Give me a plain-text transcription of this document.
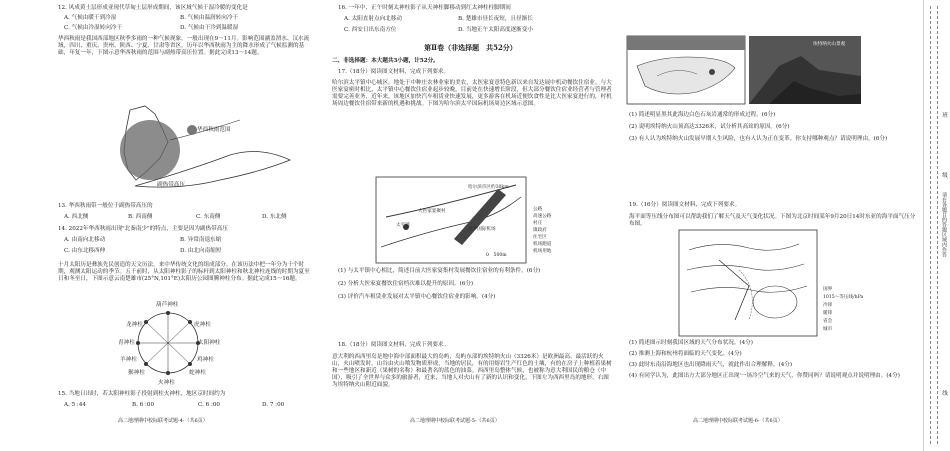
12. 风成黄土层形成亚现代草甸土层形成期间，该区域气候干湿冷暖的变化是
A. 气候由暖干到冷湿	B. 气候由温润转向冷干
C. 气候由冷湿转向冷干	D. 气候由干冷到温暖湿
华西秋雨是我国西部地区秋季多雨的一种气候现象，一般出现在9～11月。影响范围涵盖渭水、汉水流域，四川、重庆、贵州、陕西、宁夏、甘肃等省区。历年以华西秋雨为主的降水形成了气候监测的基础，年复一年，下图示意华西秋雨的范围与副热带高压位置。据此完成13～14题。
华西秋雨范围
副热带高压
13. 华西秋雨带一般位于副热带高压的
A. 西北侧	B. 西南侧	C. 东南侧	D. 东北侧
14. 2022年华西秋雨出现"北秦南少"的特点，主要是因为副热带高压
A. 由南向北移动	B. 异常南退东缩
C. 由东北移西伸	D. 由北向南缩短
十月太阳历是彝族先民创造的天文历法，来中华传统文化的组成部分。在该历法中把一年分为十个时期，观测太阳运动的季节。五千前时，从太阳神柱影子的标杆到太阳神柱和秋北神柱连线的时期为夏至日和冬至日，下图示意云南楚雄市(25°N,101°E)太阳历公园图腾神柱分布。据此完成15～16题。
葫芦神柱
龙神柱	虎神柱
青神柱	太阳神柱
羊神柱	鸡神柱
猴神柱	蛇神柱
火神柱
15. 当地日出时，若太阳神柱影子投射到柱火神柱，地区京时间约为
A. 5 :44	B. 6 :00	C. 6 :00	D. 7 :00
高二地理期中校际联考试题-4-（共6页）
16. 一年中，正午时刻太神柱影子从天神柱脚移动到红太神柱柱脚期间
A. 太阳直射点向北移动	B. 楚雄市昼长夜短，且昼渐长
C. 西安日出东南方位	D. 当地正午太阳高度逐渐变小
第Ⅱ卷（非选择题　共52分）
二、非选择题：本大题共3小题，计52分。
17.（18分）阅读图文材料，完成下列要求。
哈尔滨太平镇中心城区，地处于中种庄农林业家的美农，太医家宴意特色新以来自发达展中机动餐饮住宿业。与大医家宴密时相比，太平镇中心餐饮住宿业起步较晚，目前处在快速增长阶段，但大部分餐饮住宿业经营者与管理者需要完善业务，近年来，该地区加快汽车租赁业快速发展，更多游客在机场近便饮食性是比大医家宴进行的，村机场周边餐饮住宿带来新的机遇和挑战。下图为哈尔滨太平国际机场周边区域示意图。
哈尔滨市区约30km
大医家宴聚村
太平镇
太平国际机场
公路
高速公路
村庄
镇政府
住宅区
机场跑道
机场用地
0　500m
(1) 与太平镇中心相比，简述目前大医家宴集村发展餐饮住宿业的有利条件。(6分)
(2) 分析大医家宴餐饮住宿档次难以提升的原因。(6分)
(3) 评价汽车租赁业发展对太平镇中心餐饮住宿业的影响。(4分)
18.（18分）阅读图文材料，完成下列要求。
意大利的西西里岛是地中海中部面积最大的岛屿，岛屿东部的埃特纳火山（3326米）是欧洲最高、最活跃的火山，火山喷发时，山谷由火山喷发物质形成，当地的居民，有的用熔岩生产红色的土壤，有的在房子上种植着果树和一些地区和新近（果树的名称）和最著名的蓝色的油菜。西西里岛整体气候，也被称为意大利国民的粮仓（中国），吸引了全世界与众多的旅游者，近来，当地人对火山有了新的认识和变化。下图左为西西里岛的地形，右图为埃特纳火山附近面貌。
高二地理期中校际联考试题-5-（共6页）
埃特纳火山景观
(1) 简述明显黑其此海边白色石灰岩通常的形成过程。(6分)
(2) 说明埃特纳火山顶高达3326米，试分析其高耸的原因。(6分)
(3) 有人认为埃特纳火山发展早期人生风险，也有人认为正在变革。你支持哪种观点？请说明理由。(6分)
19.（16分）阅读图文材料，完成下列要求。
海平面等压线分布图可以帮助我们了解天气及天气变化状况。下图为北京时间某年9月20日14时东亚的海平面气压分布图。
国界
1015～等压线/hPa
冷锋
暖锋
省会
城市
(1) 简述图示时刻我国区域的天气分布状况。(4分)
(2) 推测上海和杭州将面临的天气变化。(4分)
(3) 此时东南沿海地区也出现降雨天气，就此作出合理解释。(4分)
(4) 有同学认为，此图出方大部分地区正出现'一场冷空气来的天气，你赞同吗？请说明观点并说明理由。(4分)
高二地理期中校际联考试题-6-（共6页）
班
级
请在各题目的答题区域内作答
线
